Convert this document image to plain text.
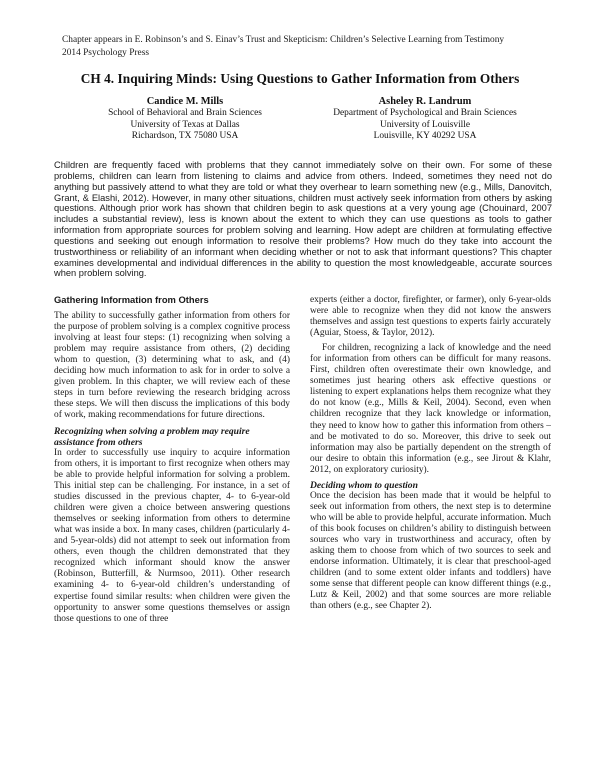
Chapter appears in E. Robinson’s and S. Einav’s Trust and Skepticism: Children’s Selective Learning from Testimony
2014 Psychology Press
CH 4. Inquiring Minds: Using Questions to Gather Information from Others
Candice M. Mills
School of Behavioral and Brain Sciences
University of Texas at Dallas
Richardson, TX 75080 USA
Asheley R. Landrum
Department of Psychological and Brain Sciences
University of Louisville
Louisville, KY 40292 USA
Children are frequently faced with problems that they cannot immediately solve on their own. For some of these problems, children can learn from listening to claims and advice from others. Indeed, sometimes they need not do anything but passively attend to what they are told or what they overhear to learn something new (e.g., Mills, Danovitch, Grant, & Elashi, 2012). However, in many other situations, children must actively seek information from others by asking questions. Although prior work has shown that children begin to ask questions at a very young age (Chouinard, 2007 includes a substantial review), less is known about the extent to which they can use questions as tools to gather information from appropriate sources for problem solving and learning. How adept are children at formulating effective questions and seeking out enough information to resolve their problems? How much do they take into account the trustworthiness or reliability of an informant when deciding whether or not to ask that informant questions? This chapter examines developmental and individual differences in the ability to question the most knowledgeable, accurate sources when problem solving.
Gathering Information from Others

The ability to successfully gather information from others for the purpose of problem solving is a complex cognitive process involving at least four steps: (1) recognizing when solving a problem may require assistance from others, (2) deciding whom to question, (3) determining what to ask, and (4) deciding how much information to ask for in order to solve a given problem. In this chapter, we will review each of these steps in turn before reviewing the research bridging across these steps. We will then discuss the implications of this body of work, making recommendations for future directions.

Recognizing when solving a problem may require assistance from others

In order to successfully use inquiry to acquire information from others, it is important to first recognize when others may be able to provide helpful information for solving a problem. This initial step can be challenging. For instance, in a set of studies discussed in the previous chapter, 4- to 6-year-old children were given a choice between answering questions themselves or seeking information from others to determine what was inside a box. In many cases, children (particularly 4- and 5-year-olds) did not attempt to seek out information from others, even though the children demonstrated that they recognized which informant should know the answer (Robinson, Butterfill, & Nurmsoo, 2011). Other research examining 4- to 6-year-old children’s understanding of expertise found similar results: when children were given the opportunity to answer some questions themselves or assign those questions to one of three

experts (either a doctor, firefighter, or farmer), only 6-year-olds were able to recognize when they did not know the answers themselves and assign test questions to experts fairly accurately (Aguiar, Stoess, & Taylor, 2012).

For children, recognizing a lack of knowledge and the need for information from others can be difficult for many reasons. First, children often overestimate their own knowledge, and sometimes just hearing others ask effective questions or listening to expert explanations helps them recognize what they do not know (e.g., Mills & Keil, 2004). Second, even when children recognize that they lack knowledge or information, they need to know how to gather this information from others – and be motivated to do so. Moreover, this drive to seek out information may also be partially dependent on the strength of our desire to obtain this information (e.g., see Jirout & Klahr, 2012, on exploratory curiosity).

Deciding whom to question

Once the decision has been made that it would be helpful to seek out information from others, the next step is to determine who will be able to provide helpful, accurate information. Much of this book focuses on children’s ability to distinguish between sources who vary in trustworthiness and accuracy, often by asking them to choose from which of two sources to seek and endorse information. Ultimately, it is clear that preschool-aged children (and to some extent older infants and toddlers) have some sense that different people can know different things (e.g., Lutz & Keil, 2002) and that some sources are more reliable than others (e.g., see Chapter 2).
